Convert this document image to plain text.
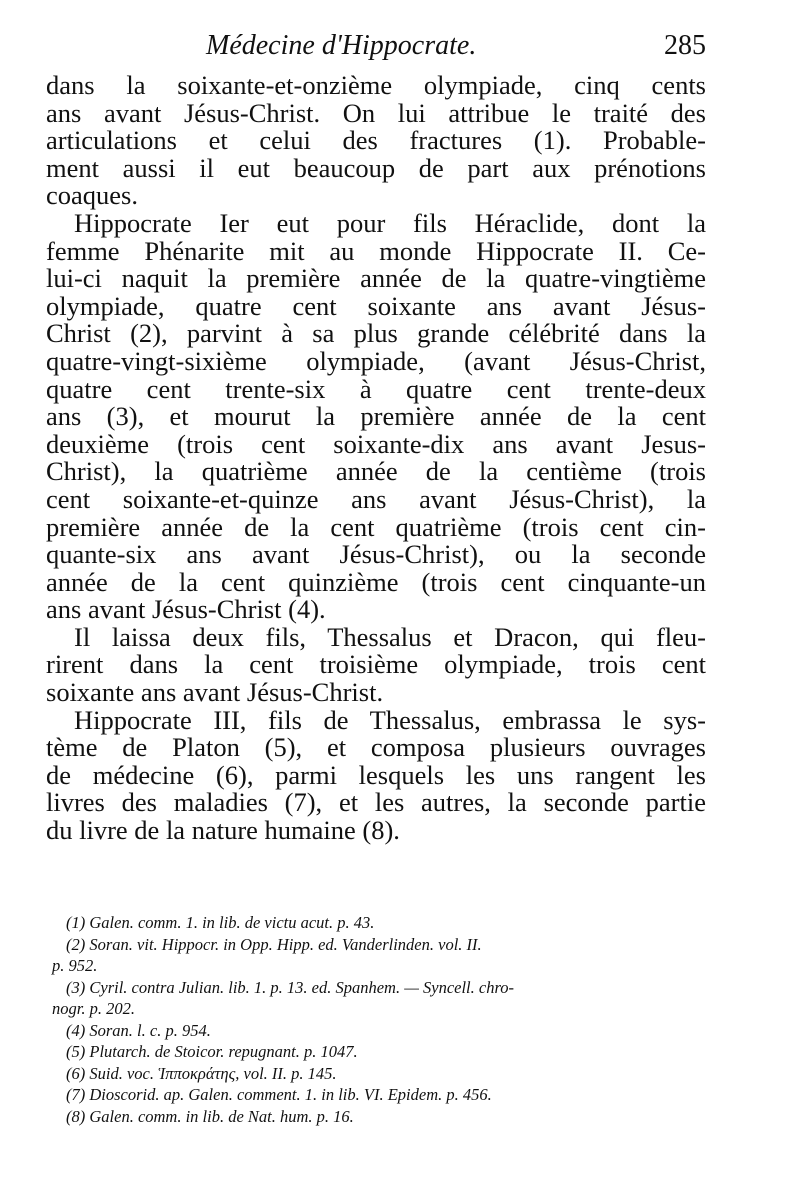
Médecine d'Hippocrate.	285
dans la soixante-et-onzième olympiade, cinq cents
ans avant Jésus-Christ. On lui attribue le traité des
articulations et celui des fractures (1). Probable-
ment aussi il eut beaucoup de part aux prénotions
coaques.
Hippocrate Ier eut pour fils Héraclide, dont la
femme Phénarite mit au monde Hippocrate II. Ce-
lui-ci naquit la première année de la quatre-vingtième
olympiade, quatre cent soixante ans avant Jésus-
Christ (2), parvint à sa plus grande célébrité dans la
quatre-vingt-sixième olympiade, (avant Jésus-Christ,
quatre cent trente-six à quatre cent trente-deux
ans (3), et mourut la première année de la cent
deuxième (trois cent soixante-dix ans avant Jesus-
Christ), la quatrième année de la centième (trois
cent soixante-et-quinze ans avant Jésus-Christ), la
première année de la cent quatrième (trois cent cin-
quante-six ans avant Jésus-Christ), ou la seconde
année de la cent quinzième (trois cent cinquante-un
ans avant Jésus-Christ (4).
Il laissa deux fils, Thessalus et Dracon, qui fleu-
rirent dans la cent troisième olympiade, trois cent
soixante ans avant Jésus-Christ.
Hippocrate III, fils de Thessalus, embrassa le sys-
tème de Platon (5), et composa plusieurs ouvrages
de médecine (6), parmi lesquels les uns rangent les
livres des maladies (7), et les autres, la seconde partie
du livre de la nature humaine (8).
(1) Galen. comm. 1. in lib. de victu acut. p. 43.
(2) Soran. vit. Hippocr. in Opp. Hipp. ed. Vanderlinden. vol. II.
p. 952.
(3) Cyril. contra Julian. lib. 1. p. 13. ed. Spanhem. — Syncell. chro-
nogr. p. 202.
(4) Soran. l. c. p. 954.
(5) Plutarch. de Stoicor. repugnant. p. 1047.
(6) Suid. voc. Ἱπποκράτης, vol. II. p. 145.
(7) Dioscorid. ap. Galen. comment. 1. in lib. VI. Epidem. p. 456.
(8) Galen. comm. in lib. de Nat. hum. p. 16.
